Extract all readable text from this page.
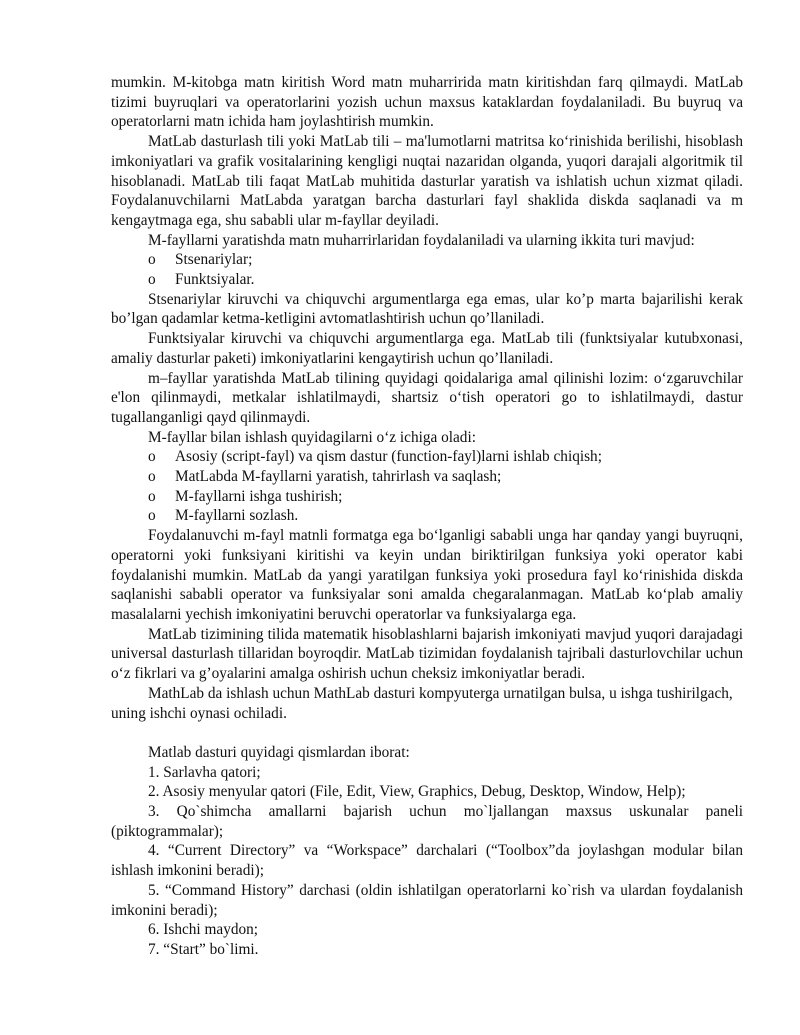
mumkin. M-kitobga matn kiritish Word matn muharririda matn kiritishdan farq qilmaydi. MatLab tizimi buyruqlari va operatorlarini yozish uchun maxsus kataklardan foydalaniladi. Bu buyruq va operatorlarni matn ichida ham joylashtirish mumkin.

MatLab dasturlash tili yoki MatLab tili – ma'lumotlarni matritsa koʻrinishida berilishi, hisoblash imkoniyatlari va grafik vositalarining kengligi nuqtai nazaridan olganda, yuqori darajali algoritmik til hisoblanadi. MatLab tili faqat MatLab muhitida dasturlar yaratish va ishlatish uchun xizmat qiladi. Foydalanuvchilarni MatLabda yaratgan barcha dasturlari fayl shaklida diskda saqlanadi va m kengaytmaga ega, shu sababli ular m-fayllar deyiladi.

M-fayllarni yaratishda matn muharrirlaridan foydalaniladi va ularning ikkita turi mavjud:

o Stsenariylar;
o Funktsiyalar.

Stsenariylar kiruvchi va chiquvchi argumentlarga ega emas, ular koʼp marta bajarilishi kerak boʼlgan qadamlar ketma-ketligini avtomatlashtirish uchun qoʼllaniladi.

Funktsiyalar kiruvchi va chiquvchi argumentlarga ega. MatLab tili (funktsiyalar kutubxonasi, amaliy dasturlar paketi) imkoniyatlarini kengaytirish uchun qoʼllaniladi.

m–fayllar yaratishda MatLab tilining quyidagi qoidalariga amal qilinishi lozim: oʻzgaruvchilar e'lon qilinmaydi, metkalar ishlatilmaydi, shartsiz oʻtish operatori go to ishlatilmaydi, dastur tugallanganligi qayd qilinmaydi.

M-fayllar bilan ishlash quyidagilarni oʻz ichiga oladi:

o Asosiy (script-fayl) va qism dastur (function-fayl)larni ishlab chiqish;
o MatLabda M-fayllarni yaratish, tahrirlash va saqlash;
o M-fayllarni ishga tushirish;
o M-fayllarni sozlash.

Foydalanuvchi m-fayl matnli formatga ega boʻlganligi sababli unga har qanday yangi buyruqni, operatorni yoki funksiyani kiritishi va keyin undan biriktirilgan funksiya yoki operator kabi foydalanishi mumkin. MatLab da yangi yaratilgan funksiya yoki prosedura fayl koʻrinishida diskda saqlanishi sababli operator va funksiyalar soni amalda chegaralanmagan. MatLab koʻplab amaliy masalalarni yechish imkoniyatini beruvchi operatorlar va funksiyalarga ega.

MatLab tizimining tilida matematik hisoblashlarni bajarish imkoniyati mavjud yuqori darajadagi universal dasturlash tillaridan boyroqdir. MatLab tizimidan foydalanish tajribali dasturlovchilar uchun oʻz fikrlari va gʼoyalarini amalga oshirish uchun cheksiz imkoniyatlar beradi.

MathLab da ishlash uchun MathLab dasturi kompyuterga urnatilgan bulsa, u ishga tushirilgach, uning ishchi oynasi ochiladi.

Matlab dasturi quyidagi qismlardan iborat:

1. Sarlavha qatori;

2. Asosiy menyular qatori (File, Edit, View, Graphics, Debug, Desktop, Window, Help);

3. Qo`shimcha amallarni bajarish uchun mo`ljallangan maxsus uskunalar paneli (piktogrammalar);

4. “Current Directory” va “Workspace” darchalari (“Toolbox”da joylashgan modular bilan ishlash imkonini beradi);

5. “Command History” darchasi (oldin ishlatilgan operatorlarni ko`rish va ulardan foydalanish imkonini beradi);

6. Ishchi maydon;

7. “Start” bo`limi.
